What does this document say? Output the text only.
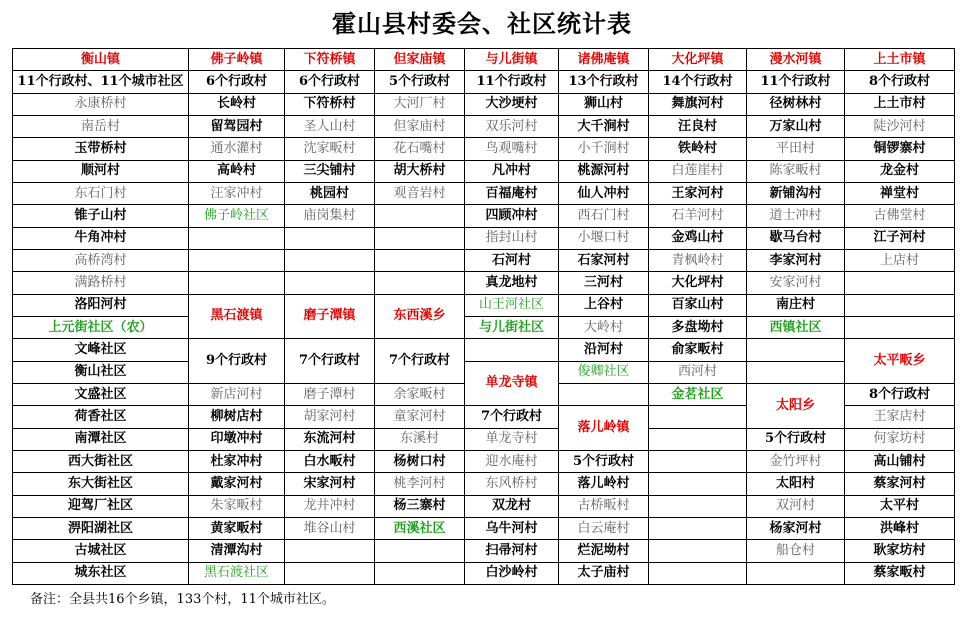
霍山县村委会、社区统计表
衡山镇	佛子岭镇	下符桥镇	但家庙镇	与儿街镇	诸佛庵镇	大化坪镇	漫水河镇	上土市镇
11个行政村、11个城市社区	6个行政村	6个行政村	5个行政村	11个行政村	13个行政村	14个行政村	11个行政村	8个行政村
永康桥村	长岭村	下符桥村	大河厂村	大沙埂村	狮山村	舞旗河村	径树林村	上土市村
南岳村	留驾园村	圣人山村	但家庙村	双乐河村	大千涧村	汪良村	万家山村	陡沙河村
玉带桥村	通水灌村	沈家畈村	花石嘴村	鸟观嘴村	小千涧村	铁岭村	平田村	铜锣寨村
顺河村	高岭村	三尖铺村	胡大桥村	凡冲村	桃源河村	白莲崖村	陈家畈村	龙金村
东石门村	汪家冲村	桃园村	观音岩村	百福庵村	仙人冲村	王家河村	新铺沟村	禅堂村
锥子山村	佛子岭社区	庙岗集村		四顾冲村	西石门村	石羊河村	道士冲村	古佛堂村
牛角冲村				指封山村	小堰口村	金鸡山村	歇马台村	江子河村
高桥湾村				石河村	石家河村	青枫岭村	李家河村	上店村
满路桥村				真龙地村	三河村	大化坪村	安家河村	
洛阳河村	黑石渡镇	磨子潭镇	东西溪乡	山王河社区	上谷村	百家山村	南庄村	
上元街社区（农）				与儿街社区	大岭村	多盘坳村	西镇社区	
文峰社区	9个行政村	7个行政村	7个行政村		沿河村	俞家畈村		太平畈乡
衡山社区				单龙寺镇	俊卿社区	西河村		
文盛社区	新店河村	磨子潭村	余家畈村			金茗社区	太阳乡	8个行政村
荷香社区	柳树店村	胡家河村	童家河村	7个行政村	落儿岭镇			王家店村
南潭社区	印墩冲村	东流河村	东溪村	单龙寺村			5个行政村	何家坊村
西大街社区	杜家冲村	白水畈村	杨树口村	迎水庵村	5个行政村		金竹坪村	高山铺村
东大街社区	戴家河村	宋家河村	桃李河村	东风桥村	落儿岭村		太阳村	蔡家河村
迎驾厂社区	朱家畈村	龙井冲村	杨三寨村	双龙村	古桥畈村		双河村	太平村
淠阳湖社区	黄家畈村	堆谷山村	西溪社区	乌牛河村	白云庵村		杨家河村	洪峰村
古城社区	清潭沟村			扫帚河村	烂泥坳村		船仓村	耿家坊村
城东社区	黑石渡社区			白沙岭村	太子庙村			蔡家畈村
备注：全县共16个乡镇，133个村，11个城市社区。
